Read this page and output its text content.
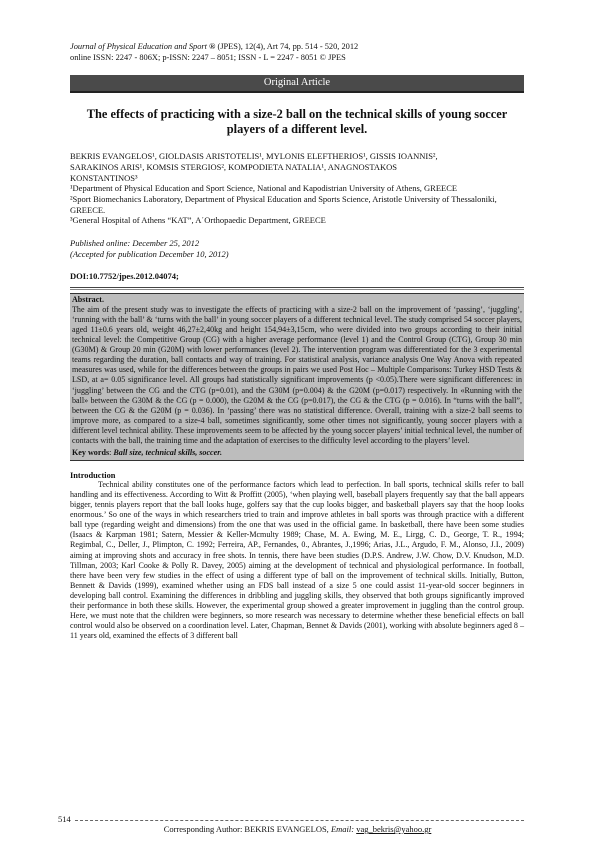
Journal of Physical Education and Sport ® (JPES), 12(4), Art 74, pp. 514 - 520, 2012
online ISSN: 2247 - 806X; p-ISSN: 2247 – 8051; ISSN - L = 2247 - 8051 © JPES
Original Article
The effects of practicing with a size-2 ball on the technical skills of young soccer players of a different level.
BEKRIS EVANGELOS¹, GIOLDASIS ARISTOTELIS¹, MYLONIS ELEFTHERIOS¹, GISSIS IOANNIS²,
SARAKINOS ARIS¹, KOMSIS STERGIOS², KOMPODIETA NATALIA¹, ANAGNOSTAKOS
KONSTANTINOS³
¹Department of Physical Education and Sport Science, National and Kapodistrian University of Athens, GREECE
²Sport Biomechanics Laboratory, Department of Physical Education and Sports Science, Aristotle University of Thessaloniki, GREECE.
³General Hospital of Athens “KAT”, A΄Orthopaedic Department, GREECE
Published online: December 25, 2012
(Accepted for publication December 10, 2012)
DOI:10.7752/jpes.2012.04074;
Abstract.
The aim of the present study was to investigate the effects of practicing with a size-2 ball on the improvement of ‘passing’, ‘juggling’, ‘running with the ball’ & ‘turns with the ball’ in young soccer players of a different technical level. The study comprised 54 soccer players, aged 11±0.6 years old, weight 46,27±2,40kg and height 154,94±3,15cm, who were divided into two groups according to their initial technical level: the Competitive Group (CG) with a higher average performance (level 1) and the Control Group (CTG), Group 30 min (G30M) & Group 20 min (G20M) with lower performances (level 2). The intervention program was differentiated for the 3 experimental teams regarding the duration, ball contacts and way of training. For statistical analysis, variance analysis One Way Anova with repeated measures was used, while for the differences between the groups in pairs we used Post Hoc – Multiple Comparisons: Turkey HSD Tests & LSD, at a= 0.05 significance level. All groups had statistically significant improvements (p <0.05).There were significant differences: in ‘juggling’ between the CG and the CTG (p=0.01), and the G30M (p=0.004) & the G20M (p=0.017) respectively. In «Running with the ball» between the G30M & the CG (p = 0.000), the G20M & the CG (p=0.017), the CG & the CTG (p = 0.016). In “turns with the ball”, between the CG & the G20M (p = 0.036). In ‘passing’ there was no statistical difference. Overall, training with a size-2 ball seems to improve more, as compared to a size-4 ball, sometimes significantly, some other times not significantly, young soccer players with a different level technical ability. These improvements seem to be affected by the young soccer players’ initial technical level, the number of contacts with the ball, the training time and the adaptation of exercises to the difficulty level according to the players’ level.
Key words: Ball size, technical skills, soccer.
Introduction

Technical ability constitutes one of the performance factors which lead to perfection. In ball sports, technical skills refer to ball handling and its effectiveness. According to Witt & Proffitt (2005), ‘when playing well, baseball players frequently say that the ball appears bigger, tennis players report that the ball looks huge, golfers say that the cup looks bigger, and basketball players say that the hoop looks enormous.’ So one of the ways in which researchers tried to train and improve athletes in ball sports was through practice with a different ball type (regarding weight and dimensions) from the one that was used in the official game. In basketball, there have been some studies (Isaacs & Karpman 1981; Satern, Messier & Keller-Mcmulty 1989; Chase, M. A. Ewing, M. E., Lirgg, C. D., George, T. R., 1994; Regimbal, C., Deller, J., Plimpton, C. 1992; Ferreira, AP., Fernandes, 0., Abrantes, J.,1996; Arias, J.L., Argudo, F. M., Alonso, J.I., 2009) aiming at improving shots and accuracy in free shots. In tennis, there have been studies (D.P.S. Andrew, J.W. Chow, D.V. Knudson, M.D. Tillman, 2003; Karl Cooke & Polly R. Davey, 2005) aiming at the development of technical and physiological performance. In football, there have been very few studies in the effect of using a different type of ball on the improvement of technical skills. Initially, Button, Bennett & Davids (1999), examined whether using an FDS ball instead of a size 5 one could assist 11-year-old soccer beginners in developing ball control. Examining the differences in dribbling and juggling skills, they observed that both groups significantly improved their performance in both these skills. However, the experimental group showed a greater improvement in juggling than the control group. Here, we must note that the children were beginners, so more research was necessary to determine whether these beneficial effects on ball control would also be observed on a coordination level. Later, Chapman, Bennet & Davids (2001), working with absolute beginners aged 8 – 11 years old, examined the effects of 3 different ball

514
Corresponding Author: BEKRIS EVANGELOS, Email: vag_bekris@yahoo.gr
